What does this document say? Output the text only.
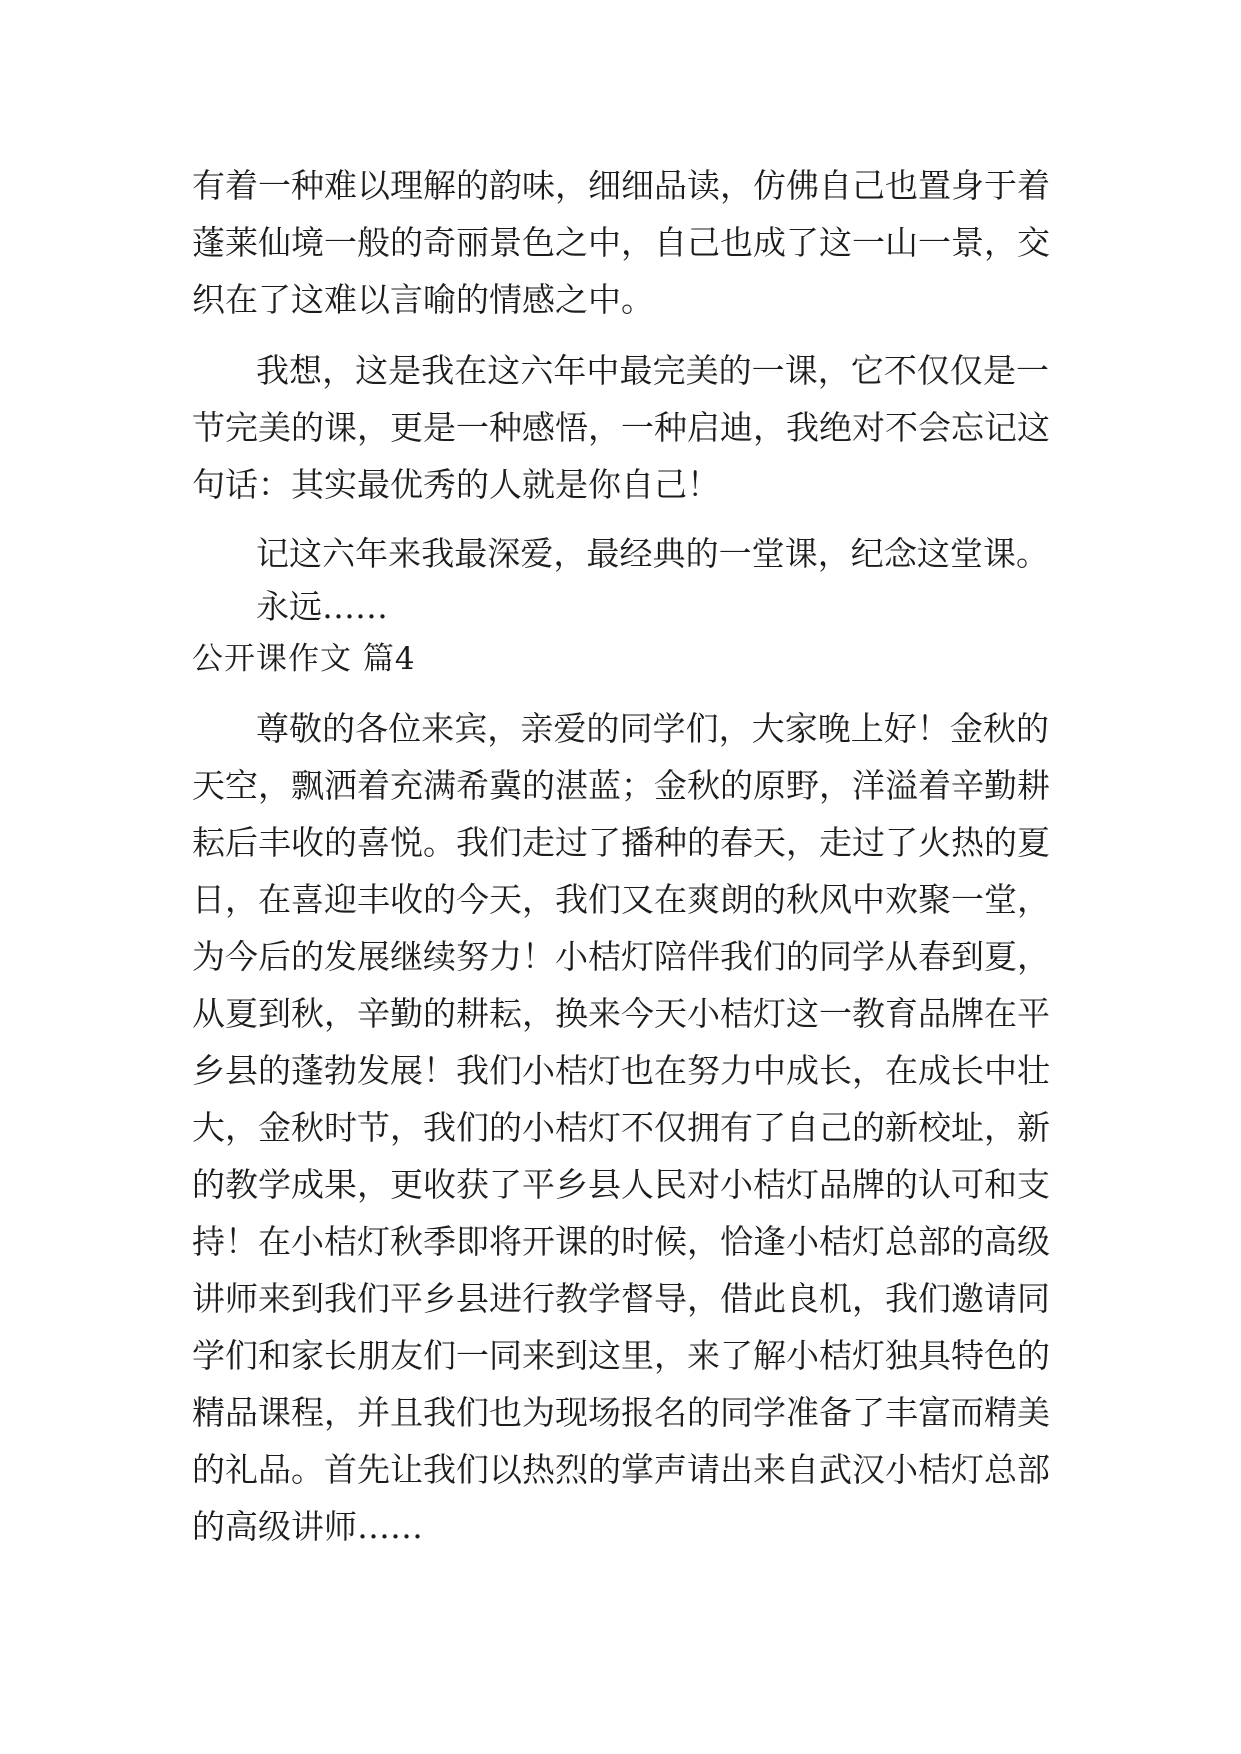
有着一种难以理解的韵味，细细品读，仿佛自己也置身于着
蓬莱仙境一般的奇丽景色之中，自己也成了这一山一景，交
织在了这难以言喻的情感之中。
我想，这是我在这六年中最完美的一课，它不仅仅是一
节完美的课，更是一种感悟，一种启迪，我绝对不会忘记这
句话：其实最优秀的人就是你自己！
记这六年来我最深爱，最经典的一堂课，纪念这堂课。
永远……
公开课作文 篇4
尊敬的各位来宾，亲爱的同学们，大家晚上好！金秋的
天空，飘洒着充满希冀的湛蓝；金秋的原野，洋溢着辛勤耕
耘后丰收的喜悦。我们走过了播种的春天，走过了火热的夏
日，在喜迎丰收的今天，我们又在爽朗的秋风中欢聚一堂，
为今后的发展继续努力！小桔灯陪伴我们的同学从春到夏，
从夏到秋，辛勤的耕耘，换来今天小桔灯这一教育品牌在平
乡县的蓬勃发展！我们小桔灯也在努力中成长，在成长中壮
大，金秋时节，我们的小桔灯不仅拥有了自己的新校址，新
的教学成果，更收获了平乡县人民对小桔灯品牌的认可和支
持！在小桔灯秋季即将开课的时候，恰逢小桔灯总部的高级
讲师来到我们平乡县进行教学督导，借此良机，我们邀请同
学们和家长朋友们一同来到这里，来了解小桔灯独具特色的
精品课程，并且我们也为现场报名的同学准备了丰富而精美
的礼品。首先让我们以热烈的掌声请出来自武汉小桔灯总部
的高级讲师……
